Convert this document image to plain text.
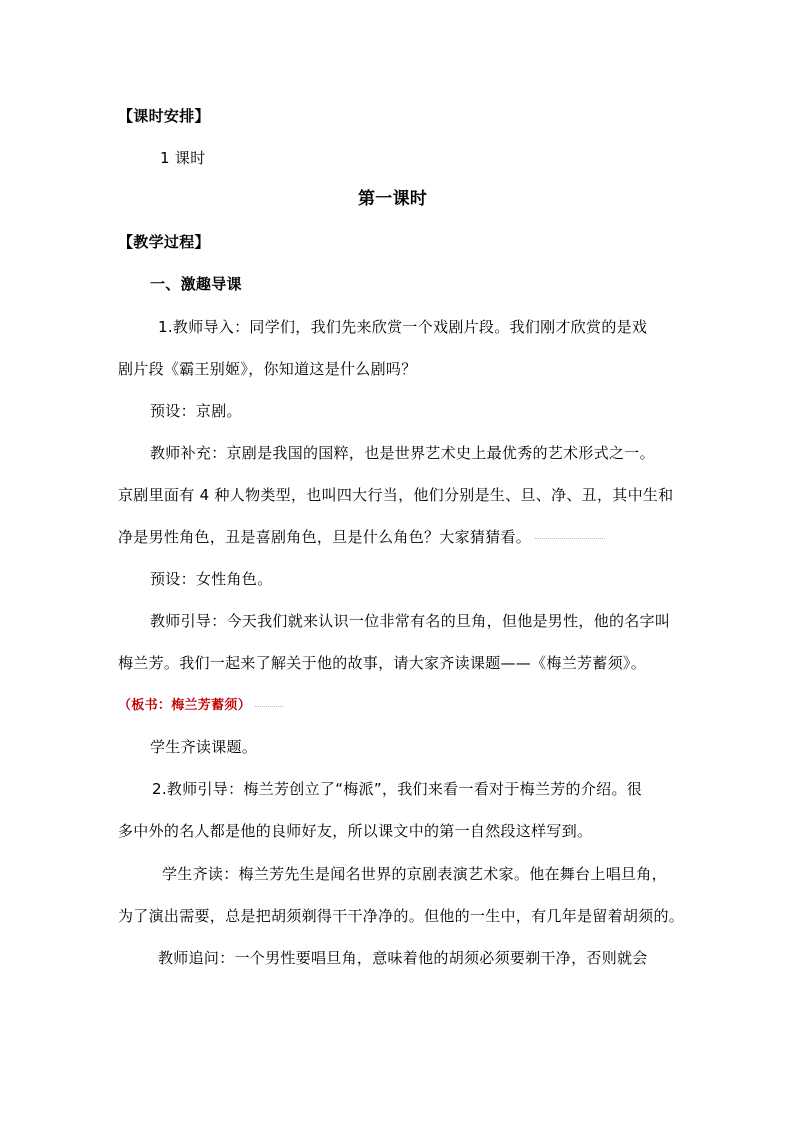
【课时安排】
1 课时
第一课时
【教学过程】
一、激趣导课
1.教师导入：同学们，我们先来欣赏一个戏剧片段。我们刚才欣赏的是戏
剧片段《霸王别姬》，你知道这是什么剧吗？
预设：京剧。
教师补充：京剧是我国的国粹，也是世界艺术史上最优秀的艺术形式之一。
京剧里面有 4 种人物类型，也叫四大行当，他们分别是生、旦、净、丑，其中生和
净是男性角色，丑是喜剧角色，旦是什么角色？大家猜猜看。
预设：女性角色。
教师引导：今天我们就来认识一位非常有名的旦角，但他是男性，他的名字叫
梅兰芳。我们一起来了解关于他的故事，请大家齐读课题——《梅兰芳蓄须》。
（板书：梅兰芳蓄须）
学生齐读课题。
2.教师引导：梅兰芳创立了“梅派”，我们来看一看对于梅兰芳的介绍。很
多中外的名人都是他的良师好友，所以课文中的第一自然段这样写到。
学生齐读：梅兰芳先生是闻名世界的京剧表演艺术家。他在舞台上唱旦角，
为了演出需要，总是把胡须剃得干干净净的。但他的一生中，有几年是留着胡须的。
教师追问：一个男性要唱旦角，意味着他的胡须必须要剃干净，否则就会
